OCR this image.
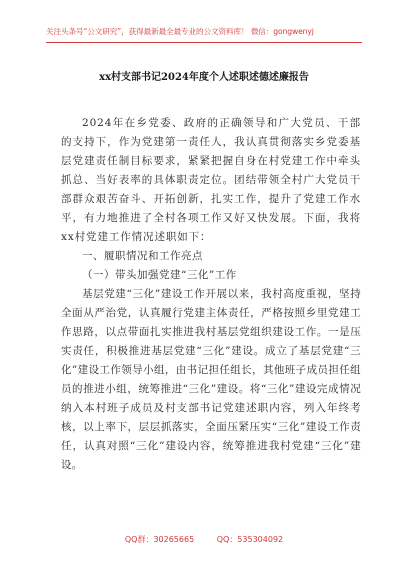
关注头条号“公文研究”，获得最新最全最专业的公文资料库！ 微信：gongwenyj
xx村支部书记2024年度个人述职述德述廉报告

2024年在乡党委、政府的正确领导和广大党员、干部的支持下，作为党建第一责任人，我认真贯彻落实乡党委基层党建责任制目标要求，紧紧把握自身在村党建工作中牵头抓总、当好表率的具体职责定位。团结带领全村广大党员干部群众艰苦奋斗、开拓创新，扎实工作，提升了党建工作水平，有力地推进了全村各项工作又好又快发展。下面，我将xx村党建工作情况述职如下：

一、履职情况和工作亮点

（一）带头加强党建“三化”工作

基层党建“三化”建设工作开展以来，我村高度重视，坚持全面从严治党，认真履行党建主体责任，严格按照乡里党建工作思路，以点带面扎实推进我村基层党组织建设工作。一是压实责任，积极推进基层党建“三化”建设。成立了基层党建“三化”建设工作领导小组，由书记担任组长，其他班子成员担任组员的推进小组，统筹推进“三化”建设。将“三化”建设完成情况纳入本村班子成员及村支部书记党建述职内容，列入年终考核，以上率下，层层抓落实，全面压紧压实“三化”建设工作责任，认真对照“三化”建设内容，统筹推进我村党建“三化”建设。

QQ群：30265665	QQ：535304092
